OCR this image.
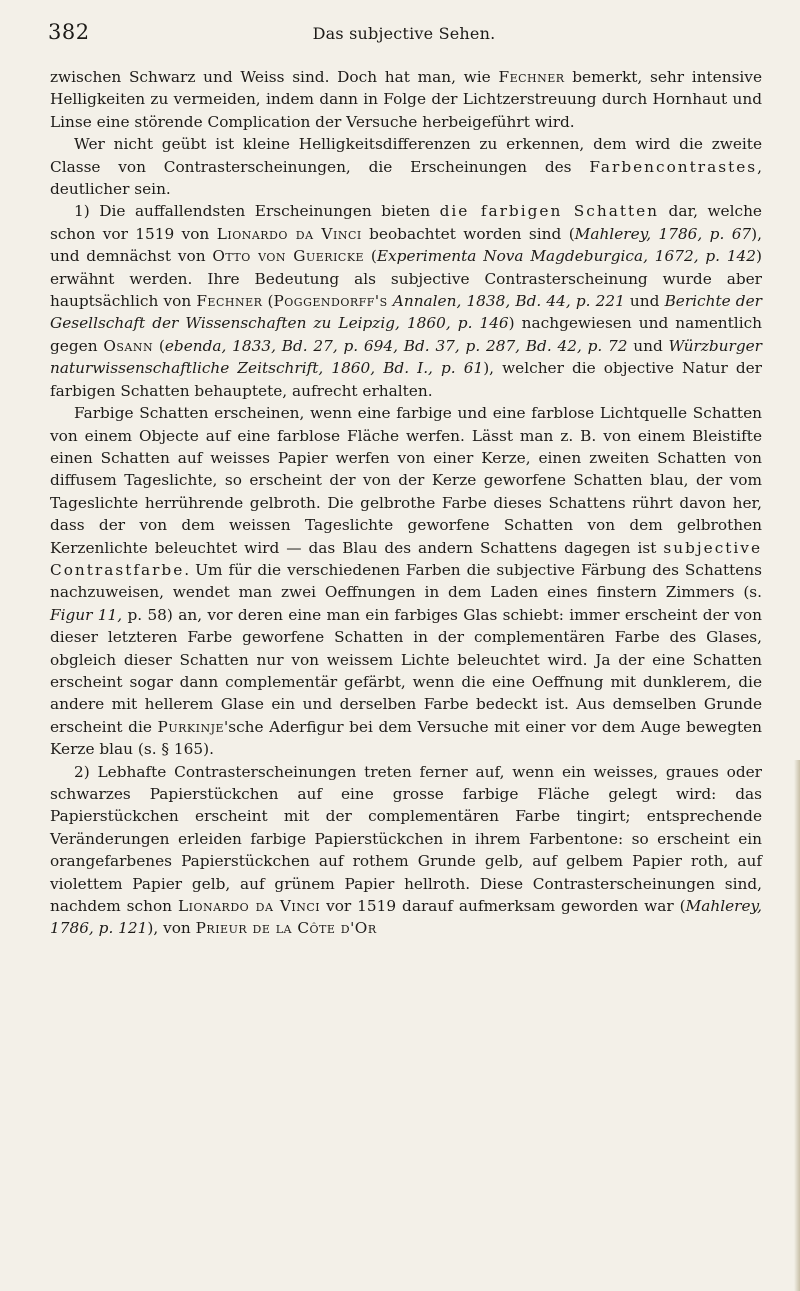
382	Das subjective Sehen.

zwischen Schwarz und Weiss sind. Doch hat man, wie Fechner bemerkt, sehr intensive Helligkeiten zu vermeiden, indem dann in Folge der Lichtzerstreuung durch Hornhaut und Linse eine störende Complication der Versuche herbeigeführt wird.

Wer nicht geübt ist kleine Helligkeitsdifferenzen zu erkennen, dem wird die zweite Classe von Contrasterscheinungen, die Erscheinungen des Farbencontrastes, deutlicher sein.

1) Die auffallendsten Erscheinungen bieten die farbigen Schatten dar, welche schon vor 1519 von Lionardo da Vinci beobachtet worden sind (Mahlerey, 1786, p. 67), und demnächst von Otto von Guericke (Experimenta Nova Magdeburgica, 1672, p. 142) erwähnt werden. Ihre Bedeutung als subjective Contrasterscheinung wurde aber hauptsächlich von Fechner (Poggendorff's Annalen, 1838, Bd. 44, p. 221 und Berichte der Gesellschaft der Wissenschaften zu Leipzig, 1860, p. 146) nachgewiesen und namentlich gegen Osann (ebenda, 1833, Bd. 27, p. 694, Bd. 37, p. 287, Bd. 42, p. 72 und Würzburger naturwissenschaftliche Zeitschrift, 1860, Bd. I., p. 61), welcher die objective Natur der farbigen Schatten behauptete, aufrecht erhalten.

Farbige Schatten erscheinen, wenn eine farbige und eine farblose Lichtquelle Schatten von einem Objecte auf eine farblose Fläche werfen. Lässt man z. B. von einem Bleistifte einen Schatten auf weisses Papier werfen von einer Kerze, einen zweiten Schatten von diffusem Tageslichte, so erscheint der von der Kerze geworfene Schatten blau, der vom Tageslichte herrührende gelbroth. Die gelbrothe Farbe dieses Schattens rührt davon her, dass der von dem weissen Tageslichte geworfene Schatten von dem gelbrothen Kerzenlichte beleuchtet wird — das Blau des andern Schattens dagegen ist subjective Contrastfarbe. Um für die verschiedenen Farben die subjective Färbung des Schattens nachzuweisen, wendet man zwei Oeffnungen in dem Laden eines finstern Zimmers (s. Figur 11, p. 58) an, vor deren eine man ein farbiges Glas schiebt: immer erscheint der von dieser letzteren Farbe geworfene Schatten in der complementären Farbe des Glases, obgleich dieser Schatten nur von weissem Lichte beleuchtet wird. Ja der eine Schatten erscheint sogar dann complementär gefärbt, wenn die eine Oeffnung mit dunklerem, die andere mit hellerem Glase ein und derselben Farbe bedeckt ist. Aus demselben Grunde erscheint die Purkinje'sche Aderfigur bei dem Versuche mit einer vor dem Auge bewegten Kerze blau (s. § 165).

2) Lebhafte Contrasterscheinungen treten ferner auf, wenn ein weisses, graues oder schwarzes Papierstückchen auf eine grosse farbige Fläche gelegt wird: das Papierstückchen erscheint mit der complementären Farbe tingirt; entsprechende Veränderungen erleiden farbige Papierstückchen in ihrem Farbentone: so erscheint ein orangefarbenes Papierstückchen auf rothem Grunde gelb, auf gelbem Papier roth, auf violettem Papier gelb, auf grünem Papier hellroth. Diese Contrasterscheinungen sind, nachdem schon Lionardo da Vinci vor 1519 darauf aufmerksam geworden war (Mahlerey, 1786, p. 121), von Prieur de la Côte d'Or
